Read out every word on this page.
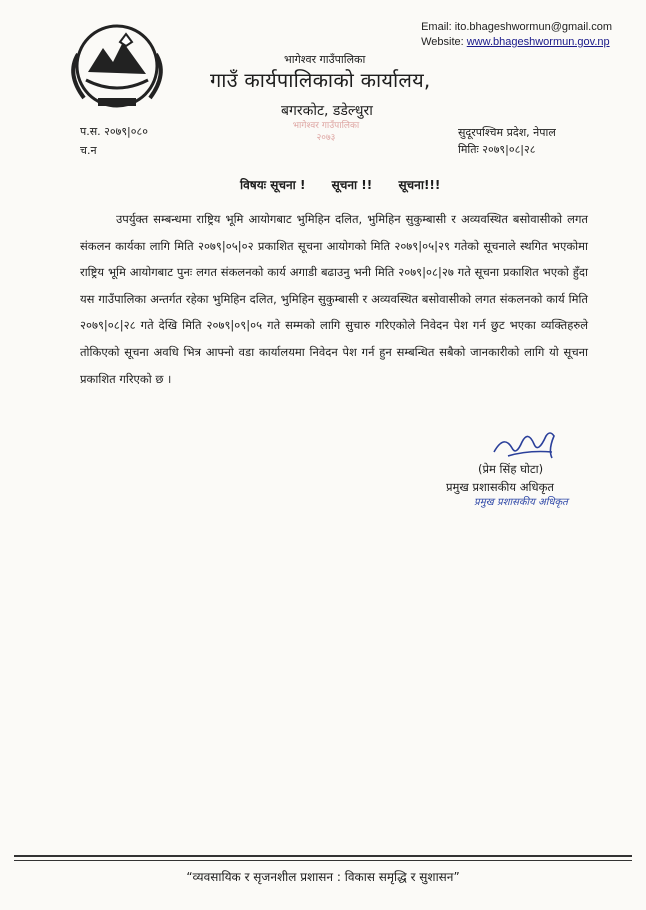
Email: ito.bhageshwormun@gmail.com
Website: www.bhageshwormun.gov.np
भागेश्वर गाउँपालिका
गाउँ कार्यपालिकाको कार्यालय,
बगरकोट, डडेल्धुरा
प.स. २०७९|०८०
च.न
भागेश्वर गाउँपालिका
२०७३	सुदूरपश्चिम प्रदेश, नेपाल
मितिः २०७९|०८|२८
विषयः सूचना ! सूचना !! सूचना!!!
उपर्युक्त सम्बन्धमा राष्ट्रिय भूमि आयोगबाट भुमिहिन दलित, भुमिहिन सुकुम्बासी र अव्यवस्थित बसोवासीको लगत संकलन कार्यका लागि मिति २०७९|०५|०२ प्रकाशित सूचना आयोगको मिति २०७९|०५|२९ गतेको सूचनाले स्थगित भएकोमा राष्ट्रिय भूमि आयोगबाट पुनः लगत संकलनको कार्य अगाडी बढाउनु भनी मिति २०७९|०८|२७ गते सूचना प्रकाशित भएको हुँदा यस गाउँपालिका अन्तर्गत रहेका भुमिहिन दलित, भुमिहिन सुकुम्बासी र अव्यवस्थित बसोवासीको लगत संकलनको कार्य मिति २०७९|०८|२८ गते देखि मिति २०७९|०९|०५ गते सम्मको लागि सुचारु गरिएकोले निवेदन पेश गर्न छुट भएका व्यक्तिहरुले तोकिएको सूचना अवधि भित्र आफ्नो वडा कार्यालयमा निवेदन पेश गर्न हुन सम्बन्धित सबैको जानकारीको लागि यो सूचना प्रकाशित गरिएको छ ।
(प्रेम सिंह घोटा)
प्रमुख प्रशासकीय अधिकृत
प्रमुख प्रशासकीय अधिकृत
“व्यवसायिक र सृजनशील प्रशासन : विकास समृद्धि र सुशासन”
